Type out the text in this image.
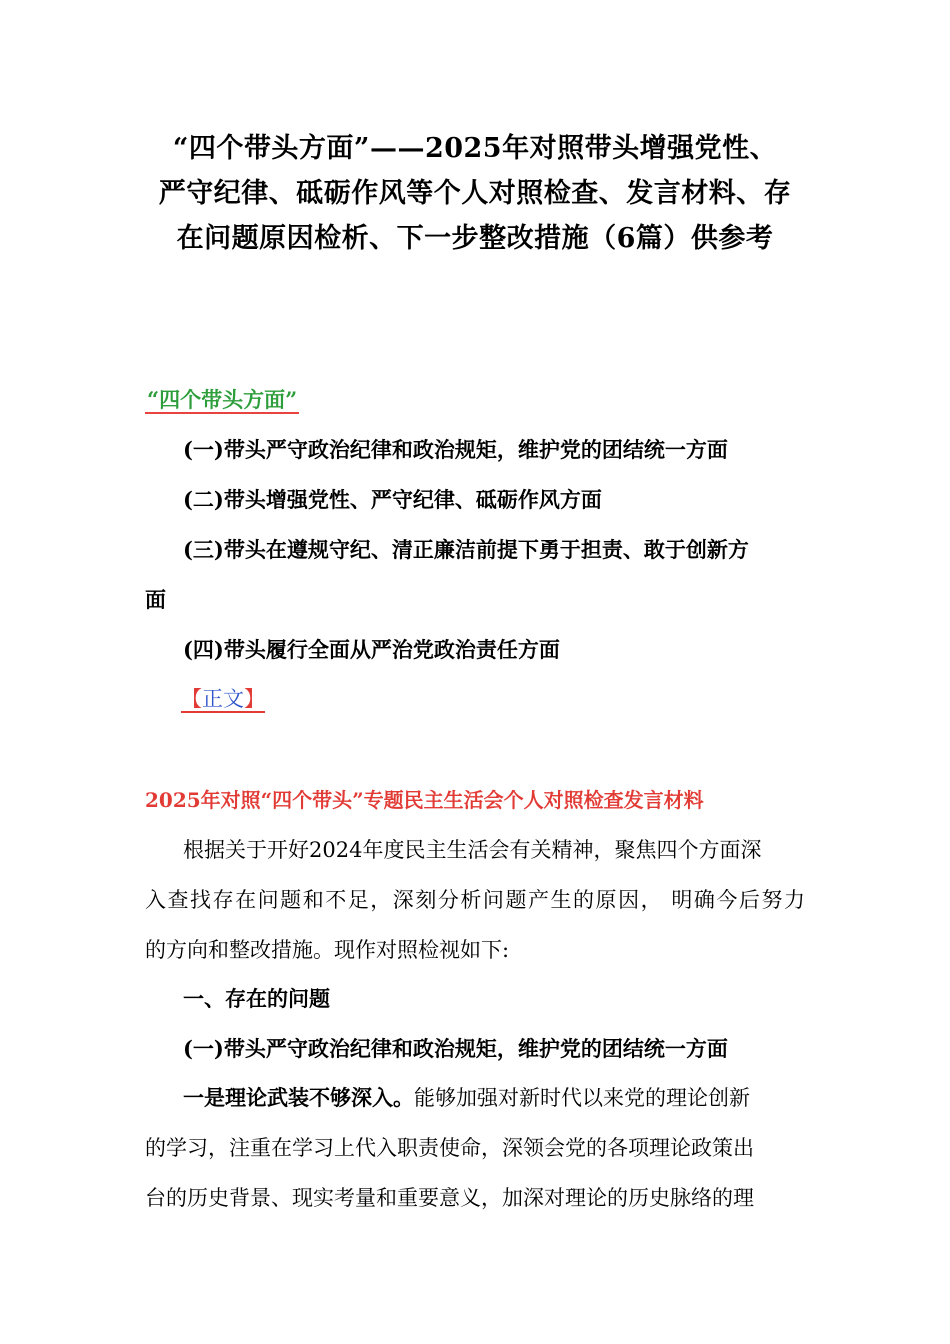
“四个带头方面”——2025年对照带头增强党性、
严守纪律、砥砺作风等个人对照检查、发言材料、存
在问题原因检析、下一步整改措施（6篇）供参考
“四个带头方面”
(一)带头严守政治纪律和政治规矩，维护党的团结统一方面
(二)带头增强党性、严守纪律、砥砺作风方面
(三)带头在遵规守纪、清正廉洁前提下勇于担责、敢于创新方
面
(四)带头履行全面从严治党政治责任方面
【正文】
2025年对照“四个带头”专题民主生活会个人对照检查发言材料
根据关于开好2024年度民主生活会有关精神，聚焦四个方面深
入查找存在问题和不足，深刻分析问题产生的原因， 明确今后努力
的方向和整改措施。现作对照检视如下:
一、存在的问题
(一)带头严守政治纪律和政治规矩，维护党的团结统一方面
一是理论武装不够深入。能够加强对新时代以来党的理论创新
的学习，注重在学习上代入职责使命，深领会党的各项理论政策出
台的历史背景、现实考量和重要意义，加深对理论的历史脉络的理
